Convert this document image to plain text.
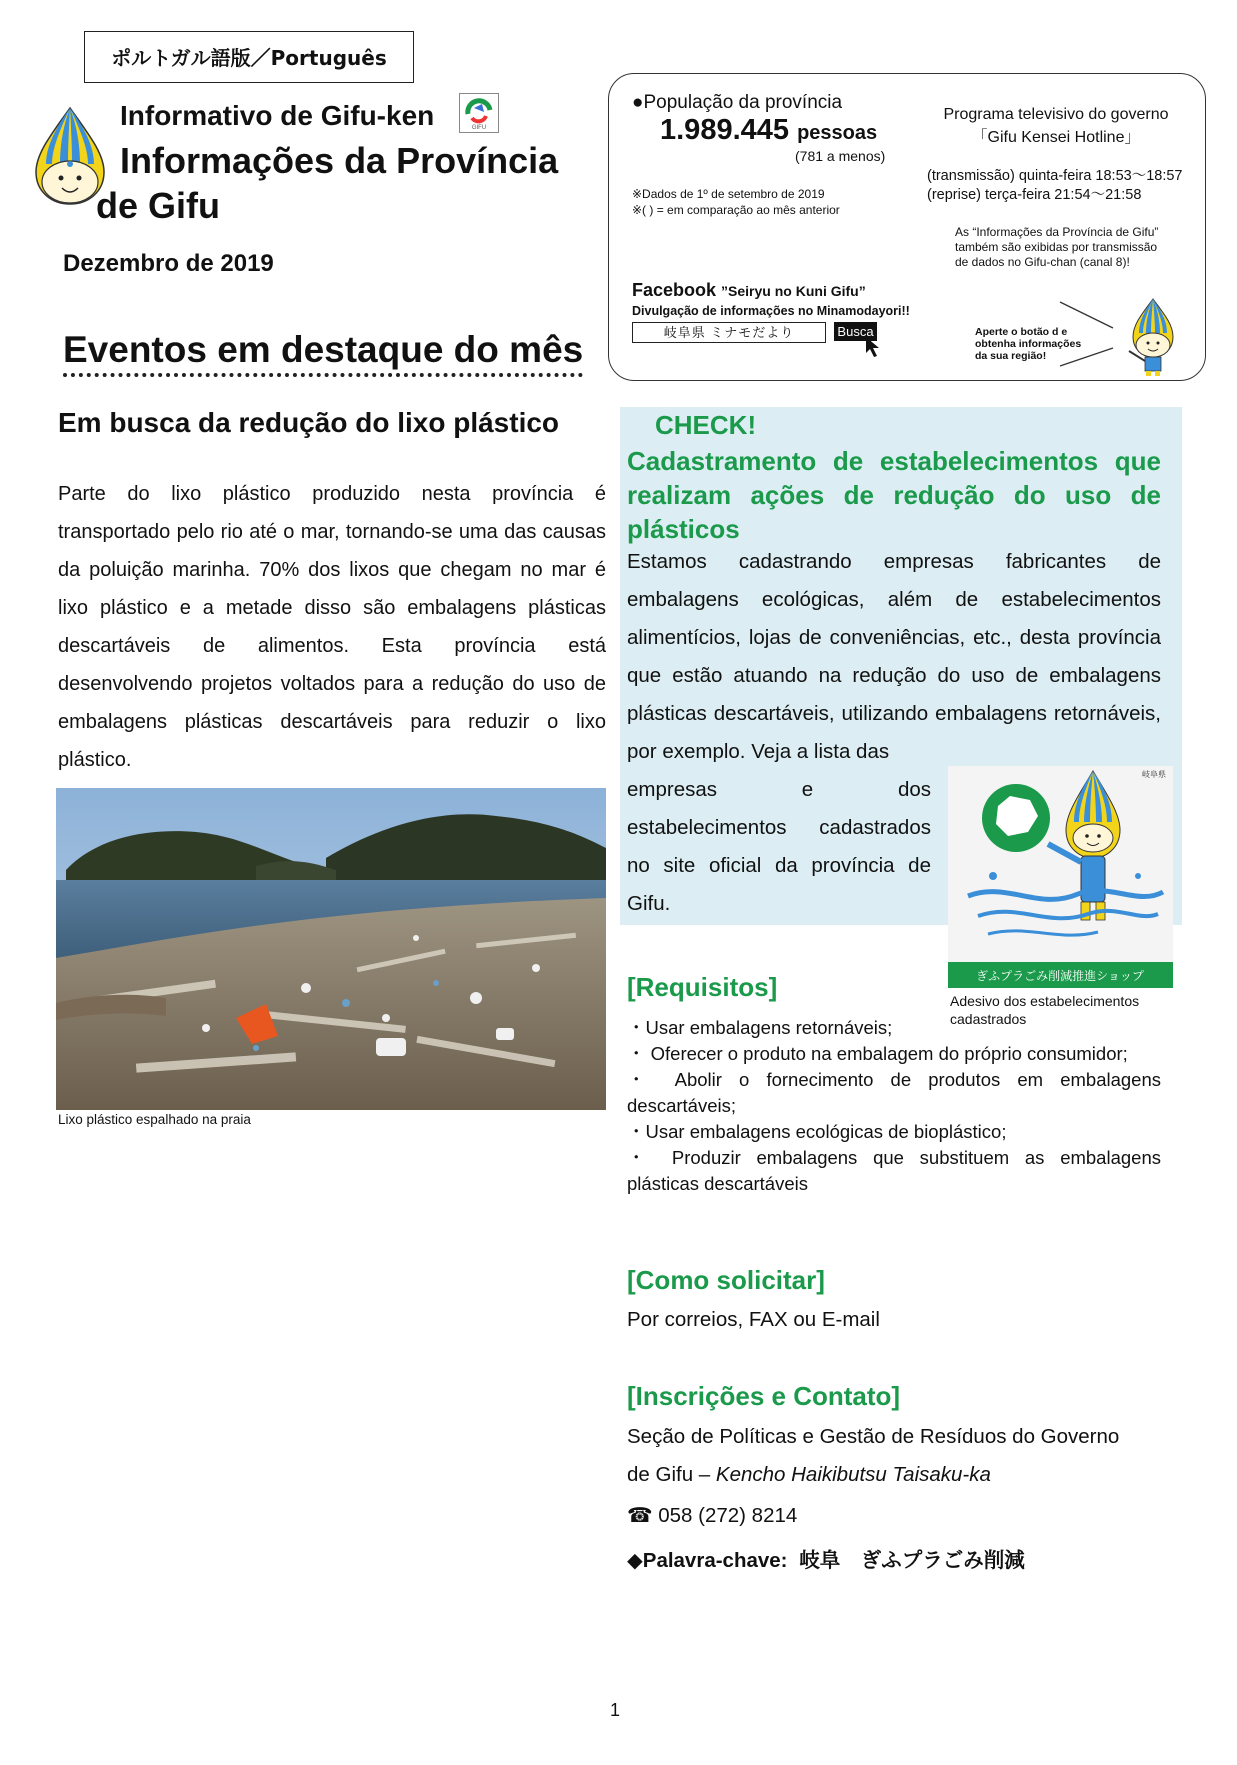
ポルトガル語版／Português
Informativo de Gifu-ken	GIFU
Informações da Província
de Gifu
Dezembro de 2019
Eventos em destaque do mês
●População da província
1.989.445 pessoas
(781 a menos)
※Dados de 1º de setembro de 2019
※( ) = em comparação ao mês anterior
Programa televisivo do governo
「Gifu Kensei Hotline」
(transmissão) quinta-feira 18:53～18:57
(reprise) terça-feira 21:54～21:58
As “Informações da Província de Gifu”
também são exibidas por transmissão
de dados no Gifu-chan (canal 8)!
Facebook ”Seiryu no Kuni Gifu”
Divulgação de informações no Minamodayori!!
岐阜県 ミナモだより	Busca	Aperte o botão d e
obtenha informações
da sua região!
Em busca da redução do lixo plástico
Parte do lixo plástico produzido nesta província é transportado pelo rio até o mar, tornando-se uma das causas da poluição marinha. 70% dos lixos que chegam no mar é lixo plástico e a metade disso são embalagens plásticas descartáveis de alimentos. Esta província está desenvolvendo projetos voltados para a redução do uso de embalagens plásticas descartáveis para reduzir o lixo plástico.
Lixo plástico espalhado na praia
CHECK!
Cadastramento de estabelecimentos que
realizam ações de redução do uso de
plásticos
Estamos cadastrando empresas fabricantes de embalagens ecológicas, além de estabelecimentos alimentícios, lojas de conveniências, etc., desta província que estão atuando na redução do uso de embalagens plásticas descartáveis, utilizando embalagens retornáveis, por exemplo. Veja a lista das
empresas e dos estabelecimentos cadastrados no site oficial da província de Gifu.
岐阜県
ぎふプラごみ削減推進ショップ
Adesivo dos estabelecimentos cadastrados
[Requisitos]
・Usar embalagens retornáveis;
・ Oferecer o produto na embalagem do próprio consumidor;
・ Abolir o fornecimento de produtos em embalagens descartáveis;
・Usar embalagens ecológicas de bioplástico;
・ Produzir embalagens que substituem as embalagens plásticas descartáveis
[Como solicitar]
Por correios, FAX ou E-mail
[Inscrições e Contato]
Seção de Políticas e Gestão de Resíduos do Governo
de Gifu – Kencho Haikibutsu Taisaku-ka
☎ 058 (272) 8214
◆Palavra-chave: 岐阜　ぎふプラごみ削減
1
